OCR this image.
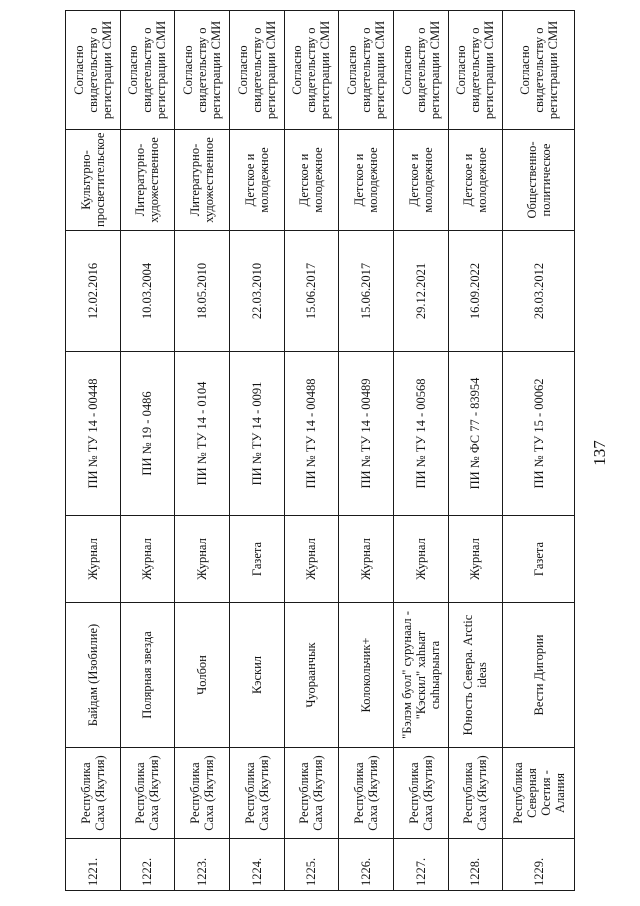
137
1221.	Республика Саха (Якутия)	Байдам (Изобилие)	Журнал	ПИ № ТУ 14 - 00448	12.02.2016	Культурно-просветительское	Согласно свидетельству о регистрации СМИ
1222.	Республика Саха (Якутия)	Полярная звезда	Журнал	ПИ № 19 - 0486	10.03.2004	Литературно-художественное	Согласно свидетельству о регистрации СМИ
1223.	Республика Саха (Якутия)	Чолбон	Журнал	ПИ № ТУ 14 - 0104	18.05.2010	Литературно-художественное	Согласно свидетельству о регистрации СМИ
1224.	Республика Саха (Якутия)	Кэскил	Газета	ПИ № ТУ 14 - 0091	22.03.2010	Детское и молодежное	Согласно свидетельству о регистрации СМИ
1225.	Республика Саха (Якутия)	Чуораанчык	Журнал	ПИ № ТУ 14 - 00488	15.06.2017	Детское и молодежное	Согласно свидетельству о регистрации СМИ
1226.	Республика Саха (Якутия)	Колокольчик+	Журнал	ПИ № ТУ 14 - 00489	15.06.2017	Детское и молодежное	Согласно свидетельству о регистрации СМИ
1227.	Республика Саха (Якутия)	"Бэлэм буол" сурунаал - "Кэскил" хаһыат сыһыарыыта	Журнал	ПИ № ТУ 14 - 00568	29.12.2021	Детское и молодежное	Согласно свидетельству о регистрации СМИ
1228.	Республика Саха (Якутия)	Юность Севера. Arctic ideas	Журнал	ПИ № ФС 77 - 83954	16.09.2022	Детское и молодежное	Согласно свидетельству о регистрации СМИ
1229.	Республика Северная Осетия - Алания	Вести Дигории	Газета	ПИ № ТУ 15 - 00062	28.03.2012	Общественно-политическое	Согласно свидетельству о регистрации СМИ
